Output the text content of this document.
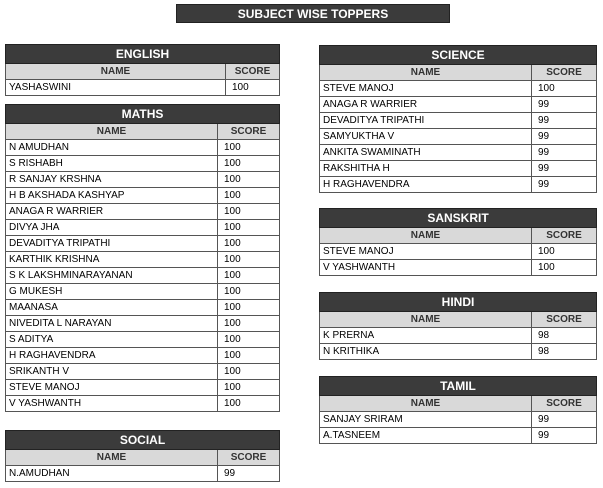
SUBJECT WISE TOPPERS
ENGLISH	
NAME	SCORE
YASHASWINI	100
MATHS	
NAME	SCORE
N AMUDHAN	100
S RISHABH	100
R SANJAY KRSHNA	100
H B AKSHADA KASHYAP	100
ANAGA R WARRIER	100
DIVYA JHA	100
DEVADITYA TRIPATHI	100
KARTHIK KRISHNA	100
S K LAKSHMINARAYANAN	100
G MUKESH	100
MAANASA	100
NIVEDITA L NARAYAN	100
S ADITYA	100
H RAGHAVENDRA	100
SRIKANTH V	100
STEVE MANOJ	100
V YASHWANTH	100
SOCIAL	
NAME	SCORE
N.AMUDHAN	99
SCIENCE	
NAME	SCORE
STEVE MANOJ	100
ANAGA R WARRIER	99
DEVADITYA TRIPATHI	99
SAMYUKTHA V	99
ANKITA SWAMINATH	99
RAKSHITHA H	99
H RAGHAVENDRA	99
SANSKRIT	
NAME	SCORE
STEVE MANOJ	100
V YASHWANTH	100
HINDI	
NAME	SCORE
K PRERNA	98
N KRITHIKA	98
TAMIL	
NAME	SCORE
SANJAY SRIRAM	99
A.TASNEEM	99
